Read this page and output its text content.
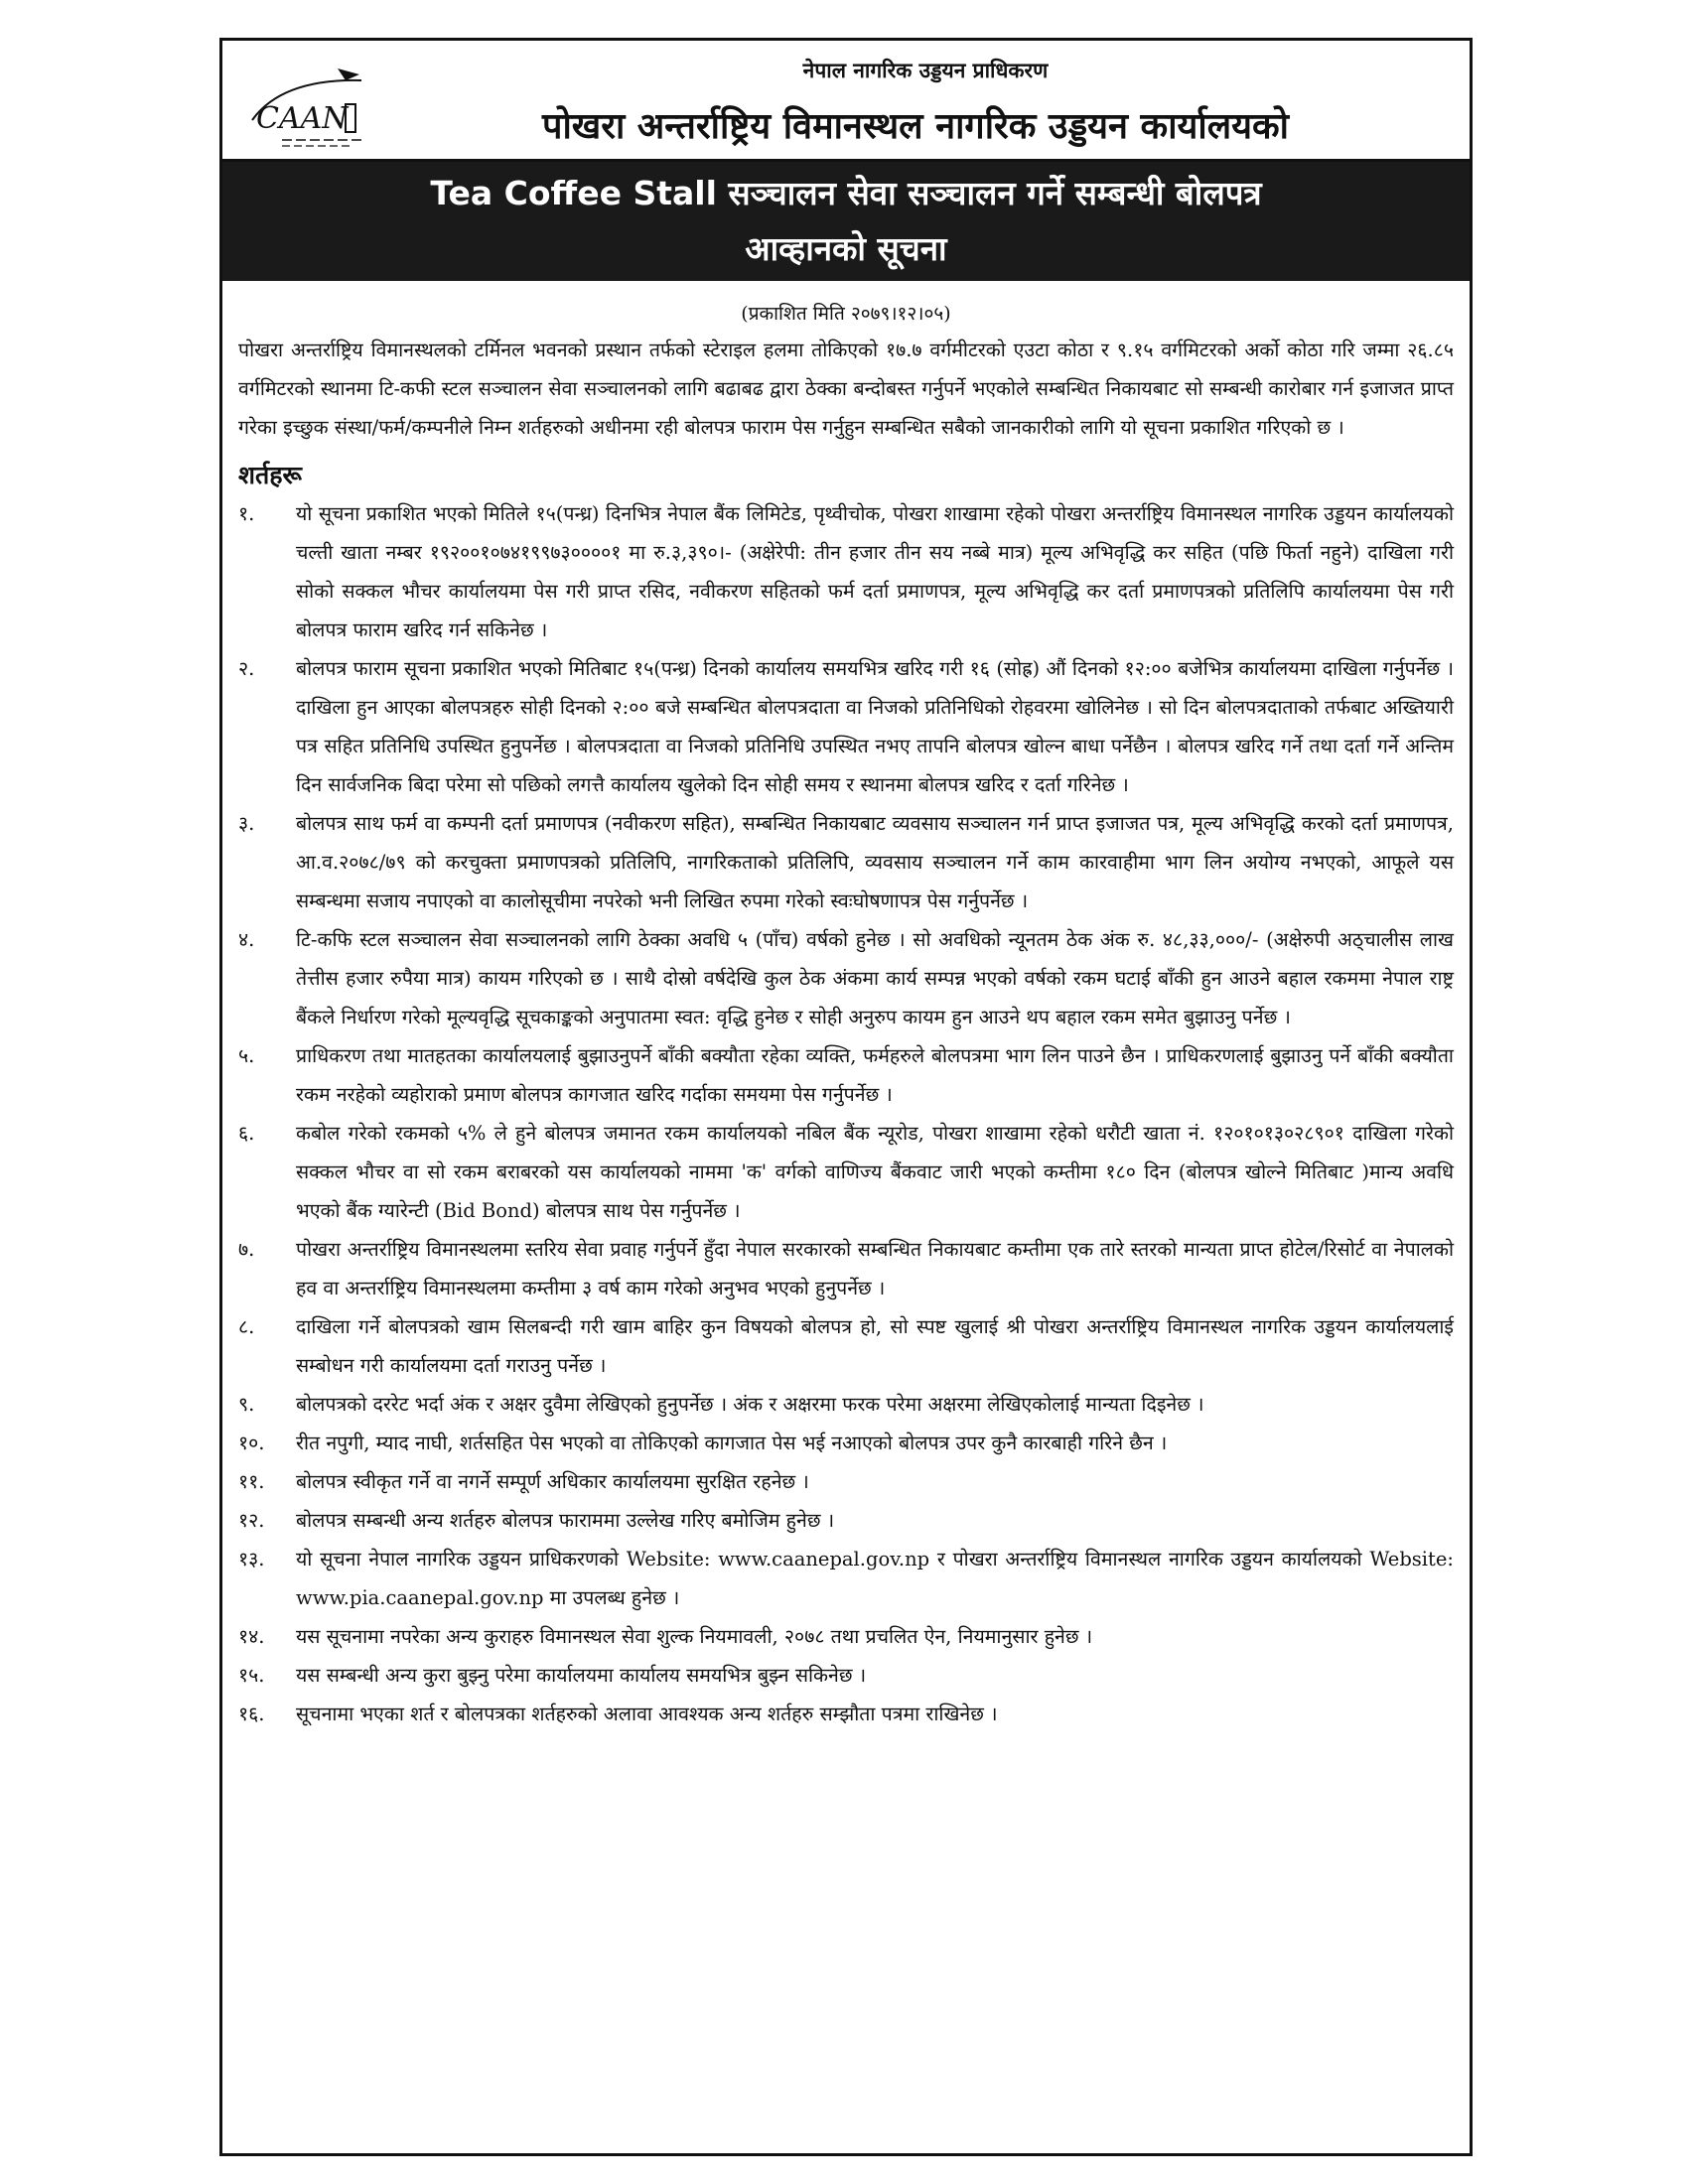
CAAN
नेपाल नागरिक उड्डयन प्राधिकरण
पोखरा अन्तर्राष्ट्रिय विमानस्थल नागरिक उड्डयन कार्यालयको
Tea Coffee Stall सञ्चालन सेवा सञ्चालन गर्ने सम्बन्धी बोलपत्र
आव्हानको सूचना
(प्रकाशित मिति २०७९।१२।०५)

पोखरा अन्तर्राष्ट्रिय विमानस्थलको टर्मिनल भवनको प्रस्थान तर्फको स्टेराइल हलमा तोकिएको १७.७ वर्गमीटरको एउटा कोठा र ९.१५ वर्गमिटरको अर्को कोठा गरि जम्मा २६.८५ वर्गमिटरको स्थानमा टि-कफी स्टल सञ्चालन सेवा सञ्चालनको लागि बढाबढ द्वारा ठेक्का बन्दोबस्त गर्नुपर्ने भएकोले सम्बन्धित निकायबाट सो सम्बन्धी कारोबार गर्न इजाजत प्राप्त गरेका इच्छुक संस्था/फर्म/कम्पनीले निम्न शर्तहरुको अधीनमा रही बोलपत्र फाराम पेस गर्नुहुन सम्बन्धित सबैको जानकारीको लागि यो सूचना प्रकाशित गरिएको छ ।

शर्तहरू
१.	यो सूचना प्रकाशित भएको मितिले १५(पन्ध्र) दिनभित्र नेपाल बैंक लिमिटेड, पृथ्वीचोक, पोखरा शाखामा रहेको पोखरा अन्तर्राष्ट्रिय विमानस्थल नागरिक उड्डयन कार्यालयको चल्ती खाता नम्बर १९२००१०७४१९९७३००००१ मा रु.३,३९०।- (अक्षेरेपी: तीन हजार तीन सय नब्बे मात्र) मूल्य अभिवृद्धि कर सहित (पछि फिर्ता नहुने) दाखिला गरी सोको सक्कल भौचर कार्यालयमा पेस गरी प्राप्त रसिद, नवीकरण सहितको फर्म दर्ता प्रमाणपत्र, मूल्य अभिवृद्धि कर दर्ता प्रमाणपत्रको प्रतिलिपि कार्यालयमा पेस गरी बोलपत्र फाराम खरिद गर्न सकिनेछ ।
२.	बोलपत्र फाराम सूचना प्रकाशित भएको मितिबाट १५(पन्ध्र) दिनको कार्यालय समयभित्र खरिद गरी १६ (सोह्र) औं दिनको १२:०० बजेभित्र कार्यालयमा दाखिला गर्नुपर्नेछ । दाखिला हुन आएका बोलपत्रहरु सोही दिनको २:०० बजे सम्बन्धित बोलपत्रदाता वा निजको प्रतिनिधिको रोहवरमा खोलिनेछ । सो दिन बोलपत्रदाताको तर्फबाट अख्तियारी पत्र सहित प्रतिनिधि उपस्थित हुनुपर्नेछ । बोलपत्रदाता वा निजको प्रतिनिधि उपस्थित नभए तापनि बोलपत्र खोल्न बाधा पर्नेछैन । बोलपत्र खरिद गर्ने तथा दर्ता गर्ने अन्तिम दिन सार्वजनिक बिदा परेमा सो पछिको लगत्तै कार्यालय खुलेको दिन सोही समय र स्थानमा बोलपत्र खरिद र दर्ता गरिनेछ ।
३.	बोलपत्र साथ फर्म वा कम्पनी दर्ता प्रमाणपत्र (नवीकरण सहित), सम्बन्धित निकायबाट व्यवसाय सञ्चालन गर्न प्राप्त इजाजत पत्र, मूल्य अभिवृद्धि करको दर्ता प्रमाणपत्र, आ.व.२०७८/७९ को करचुक्ता प्रमाणपत्रको प्रतिलिपि, नागरिकताको प्रतिलिपि, व्यवसाय सञ्चालन गर्ने काम कारवाहीमा भाग लिन अयोग्य नभएको, आफूले यस सम्बन्धमा सजाय नपाएको वा कालोसूचीमा नपरेको भनी लिखित रुपमा गरेको स्वःघोषणापत्र पेस गर्नुपर्नेछ ।
४.	टि-कफि स्टल सञ्चालन सेवा सञ्चालनको लागि ठेक्का अवधि ५ (पाँच) वर्षको हुनेछ । सो अवधिको न्यूनतम ठेक अंक रु. ४८,३३,०००/- (अक्षेरुपी अठ्चालीस लाख तेत्तीस हजार रुपैया मात्र) कायम गरिएको छ । साथै दोस्रो वर्षदेखि कुल ठेक अंकमा कार्य सम्पन्न भएको वर्षको रकम घटाई बाँकी हुन आउने बहाल रकममा नेपाल राष्ट्र बैंकले निर्धारण गरेको मूल्यवृद्धि सूचकाङ्कको अनुपातमा स्वत: वृद्धि हुनेछ र सोही अनुरुप कायम हुन आउने थप बहाल रकम समेत बुझाउनु पर्नेछ ।
५.	प्राधिकरण तथा मातहतका कार्यालयलाई बुझाउनुपर्ने बाँकी बक्यौता रहेका व्यक्ति, फर्महरुले बोलपत्रमा भाग लिन पाउने छैन । प्राधिकरणलाई बुझाउनु पर्ने बाँकी बक्यौता रकम नरहेको व्यहोराको प्रमाण बोलपत्र कागजात खरिद गर्दाका समयमा पेस गर्नुपर्नेछ ।
६.	कबोल गरेको रकमको ५% ले हुने बोलपत्र जमानत रकम कार्यालयको नबिल बैंक न्यूरोड, पोखरा शाखामा रहेको धरौटी खाता नं. १२०१०१३०२८९०१ दाखिला गरेको सक्कल भौचर वा सो रकम बराबरको यस कार्यालयको नाममा 'क' वर्गको वाणिज्य बैंकवाट जारी भएको कम्तीमा १८० दिन (बोलपत्र खोल्ने मितिबाट )मान्य अवधि भएको बैंक ग्यारेन्टी (Bid Bond) बोलपत्र साथ पेस गर्नुपर्नेछ ।
७.	पोखरा अन्तर्राष्ट्रिय विमानस्थलमा स्तरिय सेवा प्रवाह गर्नुपर्ने हुँदा नेपाल सरकारको सम्बन्धित निकायबाट कम्तीमा एक तारे स्तरको मान्यता प्राप्त होटेल/रिसोर्ट वा नेपालको हव वा अन्तर्राष्ट्रिय विमानस्थलमा कम्तीमा ३ वर्ष काम गरेको अनुभव भएको हुनुपर्नेछ ।
८.	दाखिला गर्ने बोलपत्रको खाम सिलबन्दी गरी खाम बाहिर कुन विषयको बोलपत्र हो, सो स्पष्ट खुलाई श्री पोखरा अन्तर्राष्ट्रिय विमानस्थल नागरिक उड्डयन कार्यालयलाई सम्बोधन गरी कार्यालयमा दर्ता गराउनु पर्नेछ ।
९.	बोलपत्रको दररेट भर्दा अंक र अक्षर दुवैमा लेखिएको हुनुपर्नेछ । अंक र अक्षरमा फरक परेमा अक्षरमा लेखिएकोलाई मान्यता दिइनेछ ।
१०.	रीत नपुगी, म्याद नाघी, शर्तसहित पेस भएको वा तोकिएको कागजात पेस भई नआएको बोलपत्र उपर कुनै कारबाही गरिने छैन ।
११.	बोलपत्र स्वीकृत गर्ने वा नगर्ने सम्पूर्ण अधिकार कार्यालयमा सुरक्षित रहनेछ ।
१२.	बोलपत्र सम्बन्धी अन्य शर्तहरु बोलपत्र फाराममा उल्लेख गरिए बमोजिम हुनेछ ।
१३.	यो सूचना नेपाल नागरिक उड्डयन प्राधिकरणको Website: www.caanepal.gov.np र पोखरा अन्तर्राष्ट्रिय विमानस्थल नागरिक उड्डयन कार्यालयको Website: www.pia.caanepal.gov.np मा उपलब्ध हुनेछ ।
१४.	यस सूचनामा नपरेका अन्य कुराहरु विमानस्थल सेवा शुल्क नियमावली, २०७८ तथा प्रचलित ऐन, नियमानुसार हुनेछ ।
१५.	यस सम्बन्धी अन्य कुरा बुझ्नु परेमा कार्यालयमा कार्यालय समयभित्र बुझ्न सकिनेछ ।
१६.	सूचनामा भएका शर्त र बोलपत्रका शर्तहरुको अलावा आवश्यक अन्य शर्तहरु सम्झौता पत्रमा राखिनेछ ।
